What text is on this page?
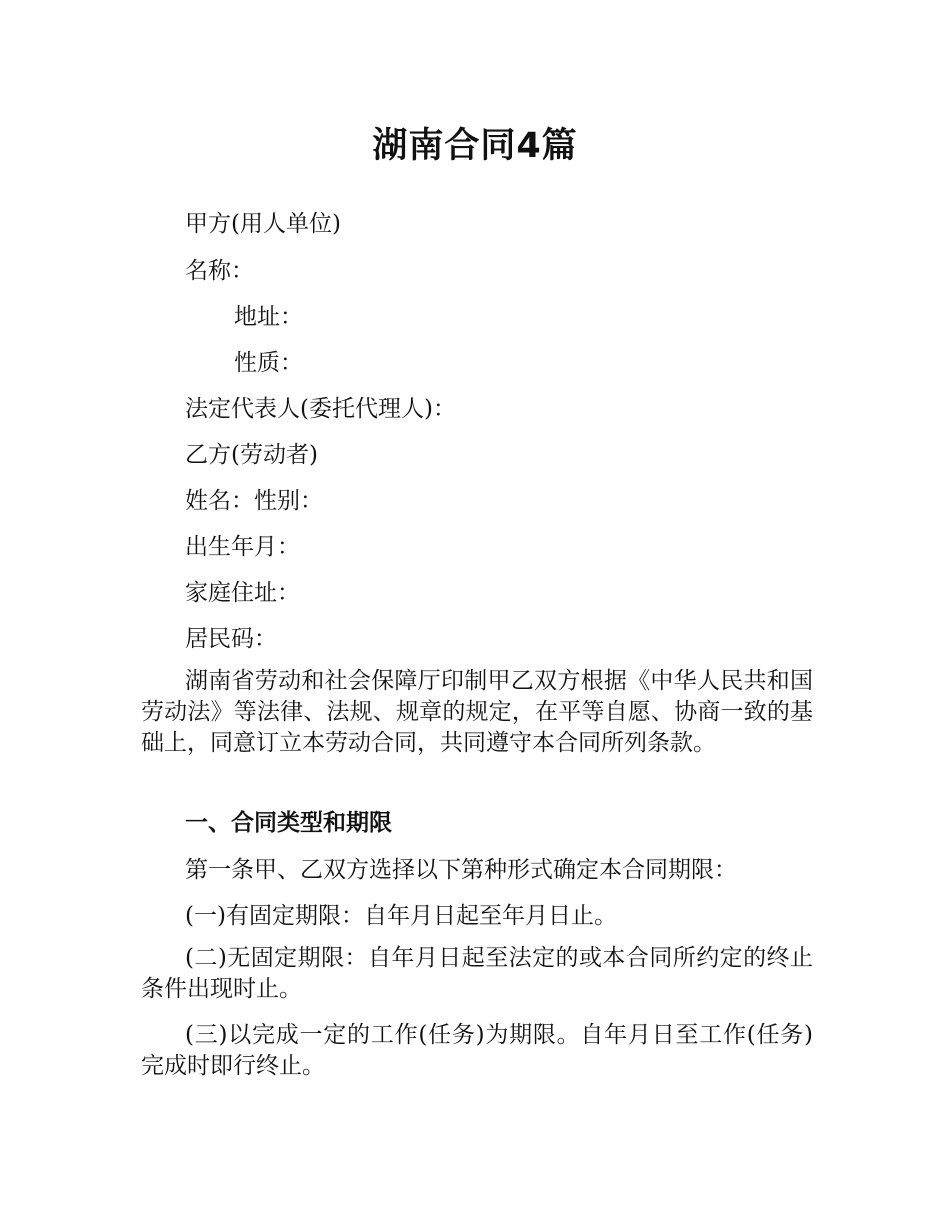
湖南合同4篇
甲方(用人单位)
名称：
地址：
性质：
法定代表人(委托代理人)：
乙方(劳动者)
姓名：性别：
出生年月：
家庭住址：
居民码：
湖南省劳动和社会保障厅印制甲乙双方根据《中华人民共和国劳动法》等法律、法规、规章的规定，在平等自愿、协商一致的基础上，同意订立本劳动合同，共同遵守本合同所列条款。
一、合同类型和期限
第一条甲、乙双方选择以下第种形式确定本合同期限：
(一)有固定期限：自年月日起至年月日止。
(二)无固定期限：自年月日起至法定的或本合同所约定的终止条件出现时止。
(三)以完成一定的工作(任务)为期限。自年月日至工作(任务)完成时即行终止。
